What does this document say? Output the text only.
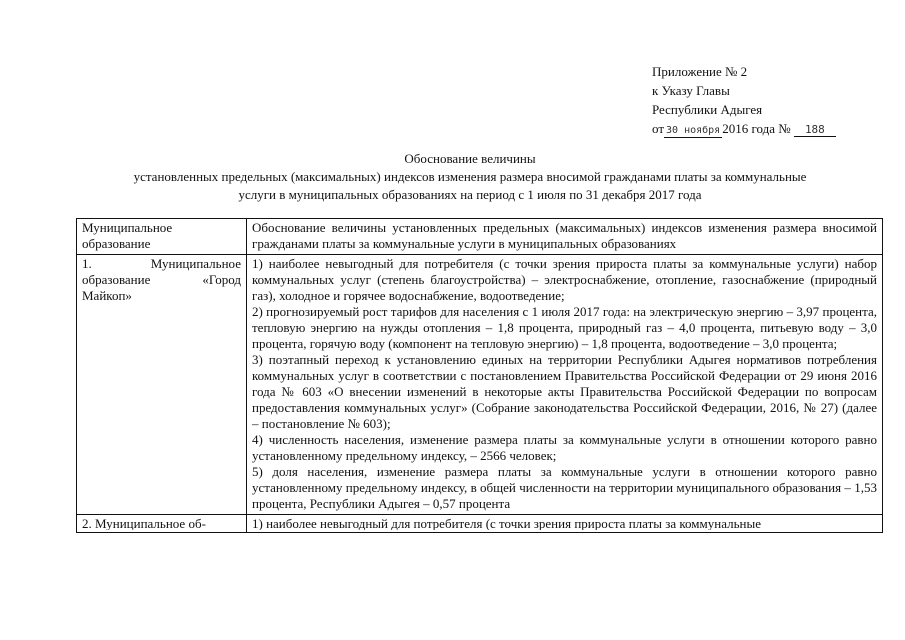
Приложение № 2
к Указу Главы
Республики Адыгея
от 30 ноября 2016 года № 188
Обоснование величины
установленных предельных (максимальных) индексов изменения размера вносимой гражданами платы за коммунальные
услуги в муниципальных образованиях на период с 1 июля по 31 декабря 2017 года
Муниципальное образование	Обоснование величины установленных предельных (максимальных) индексов изменения размера вносимой гражданами платы за коммунальные услуги в муниципальных образованиях
1. Муниципальное образование «Город Майкоп»	1) наиболее невыгодный для потребителя (с точки зрения прироста платы за коммунальные услуги) набор коммунальных услуг (степень благоустройства) – электроснабжение, отопление, газоснабжение (природный газ), холодное и горячее водоснабжение, водоотведение;
2) прогнозируемый рост тарифов для населения с 1 июля 2017 года: на электрическую энергию – 3,97 процента, тепловую энергию на нужды отопления – 1,8 процента, природный газ – 4,0 процента, питьевую воду – 3,0 процента, горячую воду (компонент на тепловую энергию) – 1,8 процента, водоотведение – 3,0 процента;
3) поэтапный переход к установлению единых на территории Республики Адыгея нормативов потребления коммунальных услуг в соответствии с постановлением Правительства Российской Федерации от 29 июня 2016 года № 603 «О внесении изменений в некоторые акты Правительства Российской Федерации по вопросам предоставления коммунальных услуг» (Собрание законодательства Российской Федерации, 2016, № 27) (далее – постановление № 603);
4) численность населения, изменение размера платы за коммунальные услуги в отношении которого равно установленному предельному индексу, – 2566 человек;
5) доля населения, изменение размера платы за коммунальные услуги в отношении которого равно установленному предельному индексу, в общей численности на территории муниципального образования – 1,53 процента, Республики Адыгея – 0,57 процента

2. Муниципальное об-	1) наиболее невыгодный для потребителя (с точки зрения прироста платы за коммунальные
